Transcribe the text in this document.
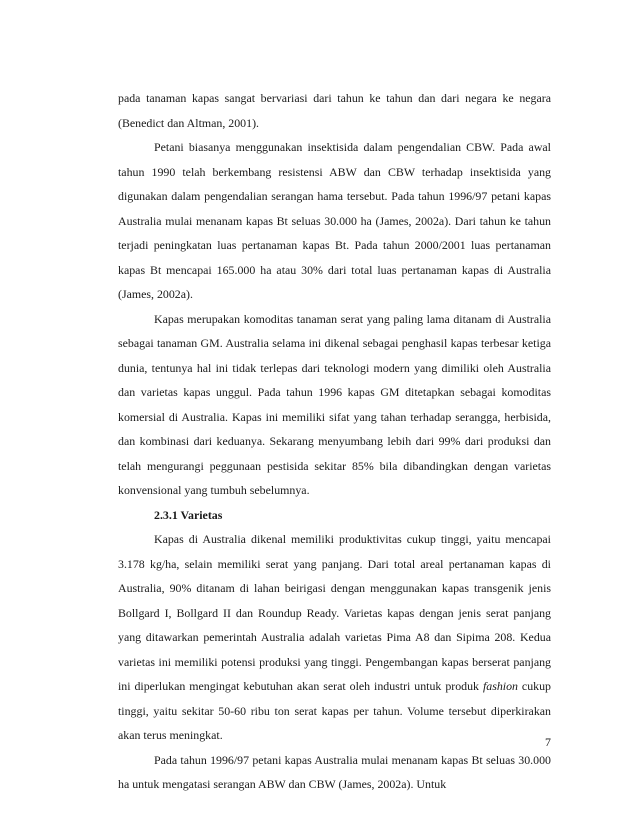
pada tanaman kapas sangat bervariasi dari tahun ke tahun dan dari negara ke negara (Benedict dan Altman, 2001).

Petani biasanya menggunakan insektisida dalam pengendalian CBW. Pada awal tahun 1990 telah berkembang resistensi ABW dan CBW terhadap insektisida yang digunakan dalam pengendalian serangan hama tersebut. Pada tahun 1996/97 petani kapas Australia mulai menanam kapas Bt seluas 30.000 ha (James, 2002a). Dari tahun ke tahun terjadi peningkatan luas pertanaman kapas Bt. Pada tahun 2000/2001 luas pertanaman kapas Bt mencapai 165.000 ha atau 30% dari total luas pertanaman kapas di Australia (James, 2002a).

Kapas merupakan komoditas tanaman serat yang paling lama ditanam di Australia sebagai tanaman GM. Australia selama ini dikenal sebagai penghasil kapas terbesar ketiga dunia, tentunya hal ini tidak terlepas dari teknologi modern yang dimiliki oleh Australia dan varietas kapas unggul. Pada tahun 1996 kapas GM ditetapkan sebagai komoditas komersial di Australia. Kapas ini memiliki sifat yang tahan terhadap serangga, herbisida, dan kombinasi dari keduanya. Sekarang menyumbang lebih dari 99% dari produksi dan telah mengurangi peggunaan pestisida sekitar 85% bila dibandingkan dengan varietas konvensional yang tumbuh sebelumnya.

2.3.1 Varietas

Kapas di Australia dikenal memiliki produktivitas cukup tinggi, yaitu mencapai 3.178 kg/ha, selain memiliki serat yang panjang. Dari total areal pertanaman kapas di Australia, 90% ditanam di lahan beirigasi dengan menggunakan kapas transgenik jenis Bollgard I, Bollgard II dan Roundup Ready. Varietas kapas dengan jenis serat panjang yang ditawarkan pemerintah Australia adalah varietas Pima A8 dan Sipima 208. Kedua varietas ini memiliki potensi produksi yang tinggi. Pengembangan kapas berserat panjang ini diperlukan mengingat kebutuhan akan serat oleh industri untuk produk fashion cukup tinggi, yaitu sekitar 50-60 ribu ton serat kapas per tahun. Volume tersebut diperkirakan akan terus meningkat.

Pada tahun 1996/97 petani kapas Australia mulai menanam kapas Bt seluas 30.000 ha untuk mengatasi serangan ABW dan CBW (James, 2002a). Untuk

7
